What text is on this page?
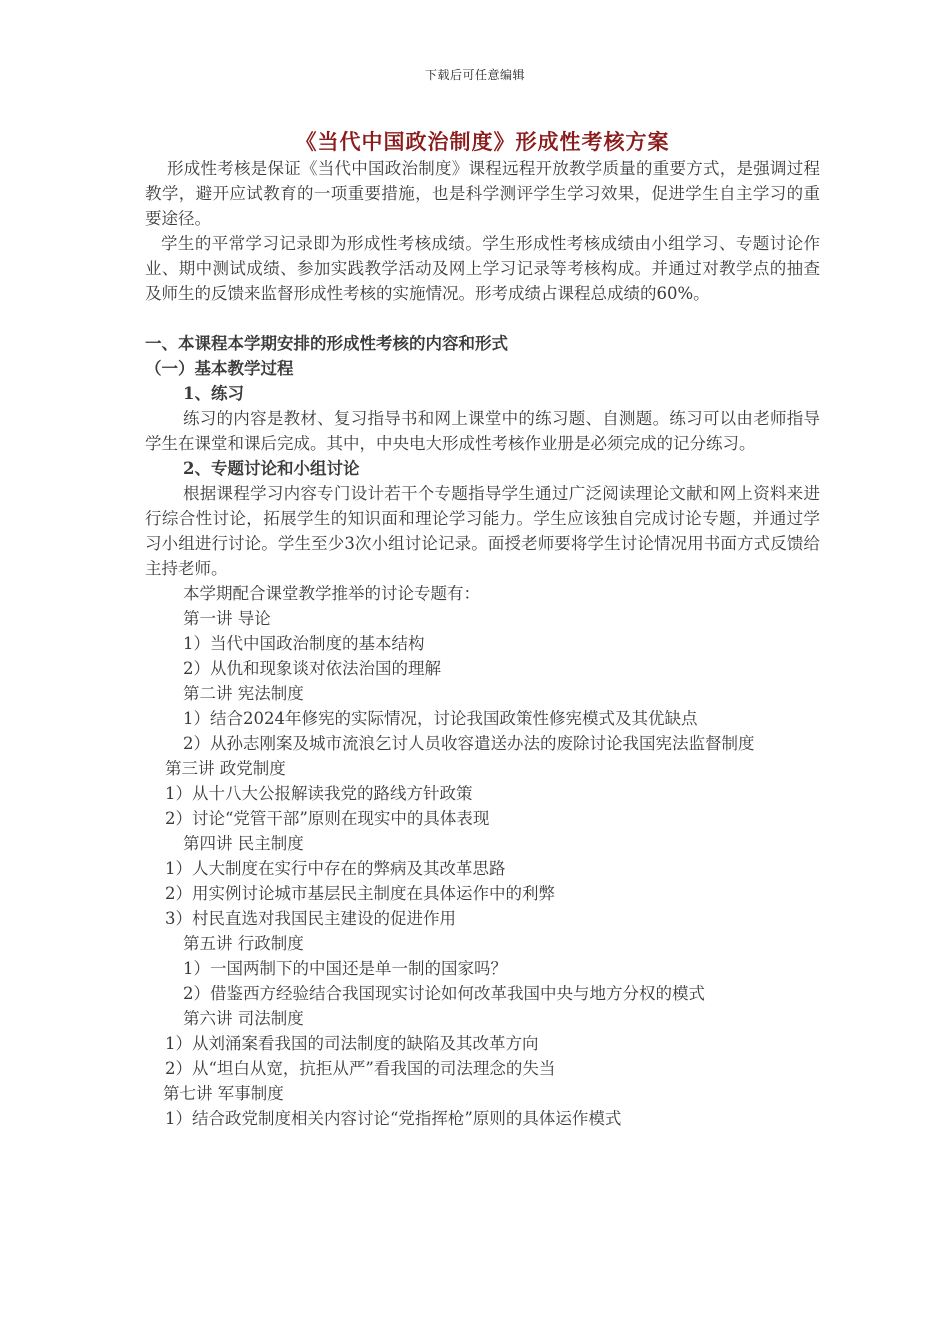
下载后可任意编辑
《当代中国政治制度》形成性考核方案

形成性考核是保证《当代中国政治制度》课程远程开放教学质量的重要方式，是强调过程教学，避开应试教育的一项重要措施，也是科学测评学生学习效果，促进学生自主学习的重要途径。

学生的平常学习记录即为形成性考核成绩。学生形成性考核成绩由小组学习、专题讨论作业、期中测试成绩、参加实践教学活动及网上学习记录等考核构成。并通过对教学点的抽查及师生的反馈来监督形成性考核的实施情况。形考成绩占课程总成绩的60%。

一、本课程本学期安排的形成性考核的内容和形式

（一）基本教学过程

1、练习

练习的内容是教材、复习指导书和网上课堂中的练习题、自测题。练习可以由老师指导学生在课堂和课后完成。其中，中央电大形成性考核作业册是必须完成的记分练习。

2、专题讨论和小组讨论

根据课程学习内容专门设计若干个专题指导学生通过广泛阅读理论文献和网上资料来进行综合性讨论，拓展学生的知识面和理论学习能力。学生应该独自完成讨论专题，并通过学习小组进行讨论。学生至少3次小组讨论记录。面授老师要将学生讨论情况用书面方式反馈给主持老师。

本学期配合课堂教学推举的讨论专题有：

第一讲 导论

1）当代中国政治制度的基本结构

2）从仇和现象谈对依法治国的理解

第二讲 宪法制度

1）结合2024年修宪的实际情况，讨论我国政策性修宪模式及其优缺点

2）从孙志刚案及城市流浪乞讨人员收容遣送办法的废除讨论我国宪法监督制度

第三讲 政党制度

1）从十八大公报解读我党的路线方针政策

2）讨论“党管干部”原则在现实中的具体表现

第四讲 民主制度

1）人大制度在实行中存在的弊病及其改革思路

2）用实例讨论城市基层民主制度在具体运作中的利弊

3）村民直选对我国民主建设的促进作用

第五讲 行政制度

1）一国两制下的中国还是单一制的国家吗？

2）借鉴西方经验结合我国现实讨论如何改革我国中央与地方分权的模式

第六讲 司法制度

1）从刘涌案看我国的司法制度的缺陷及其改革方向

2）从“坦白从宽，抗拒从严”看我国的司法理念的失当

第七讲 军事制度

1）结合政党制度相关内容讨论“党指挥枪”原则的具体运作模式
